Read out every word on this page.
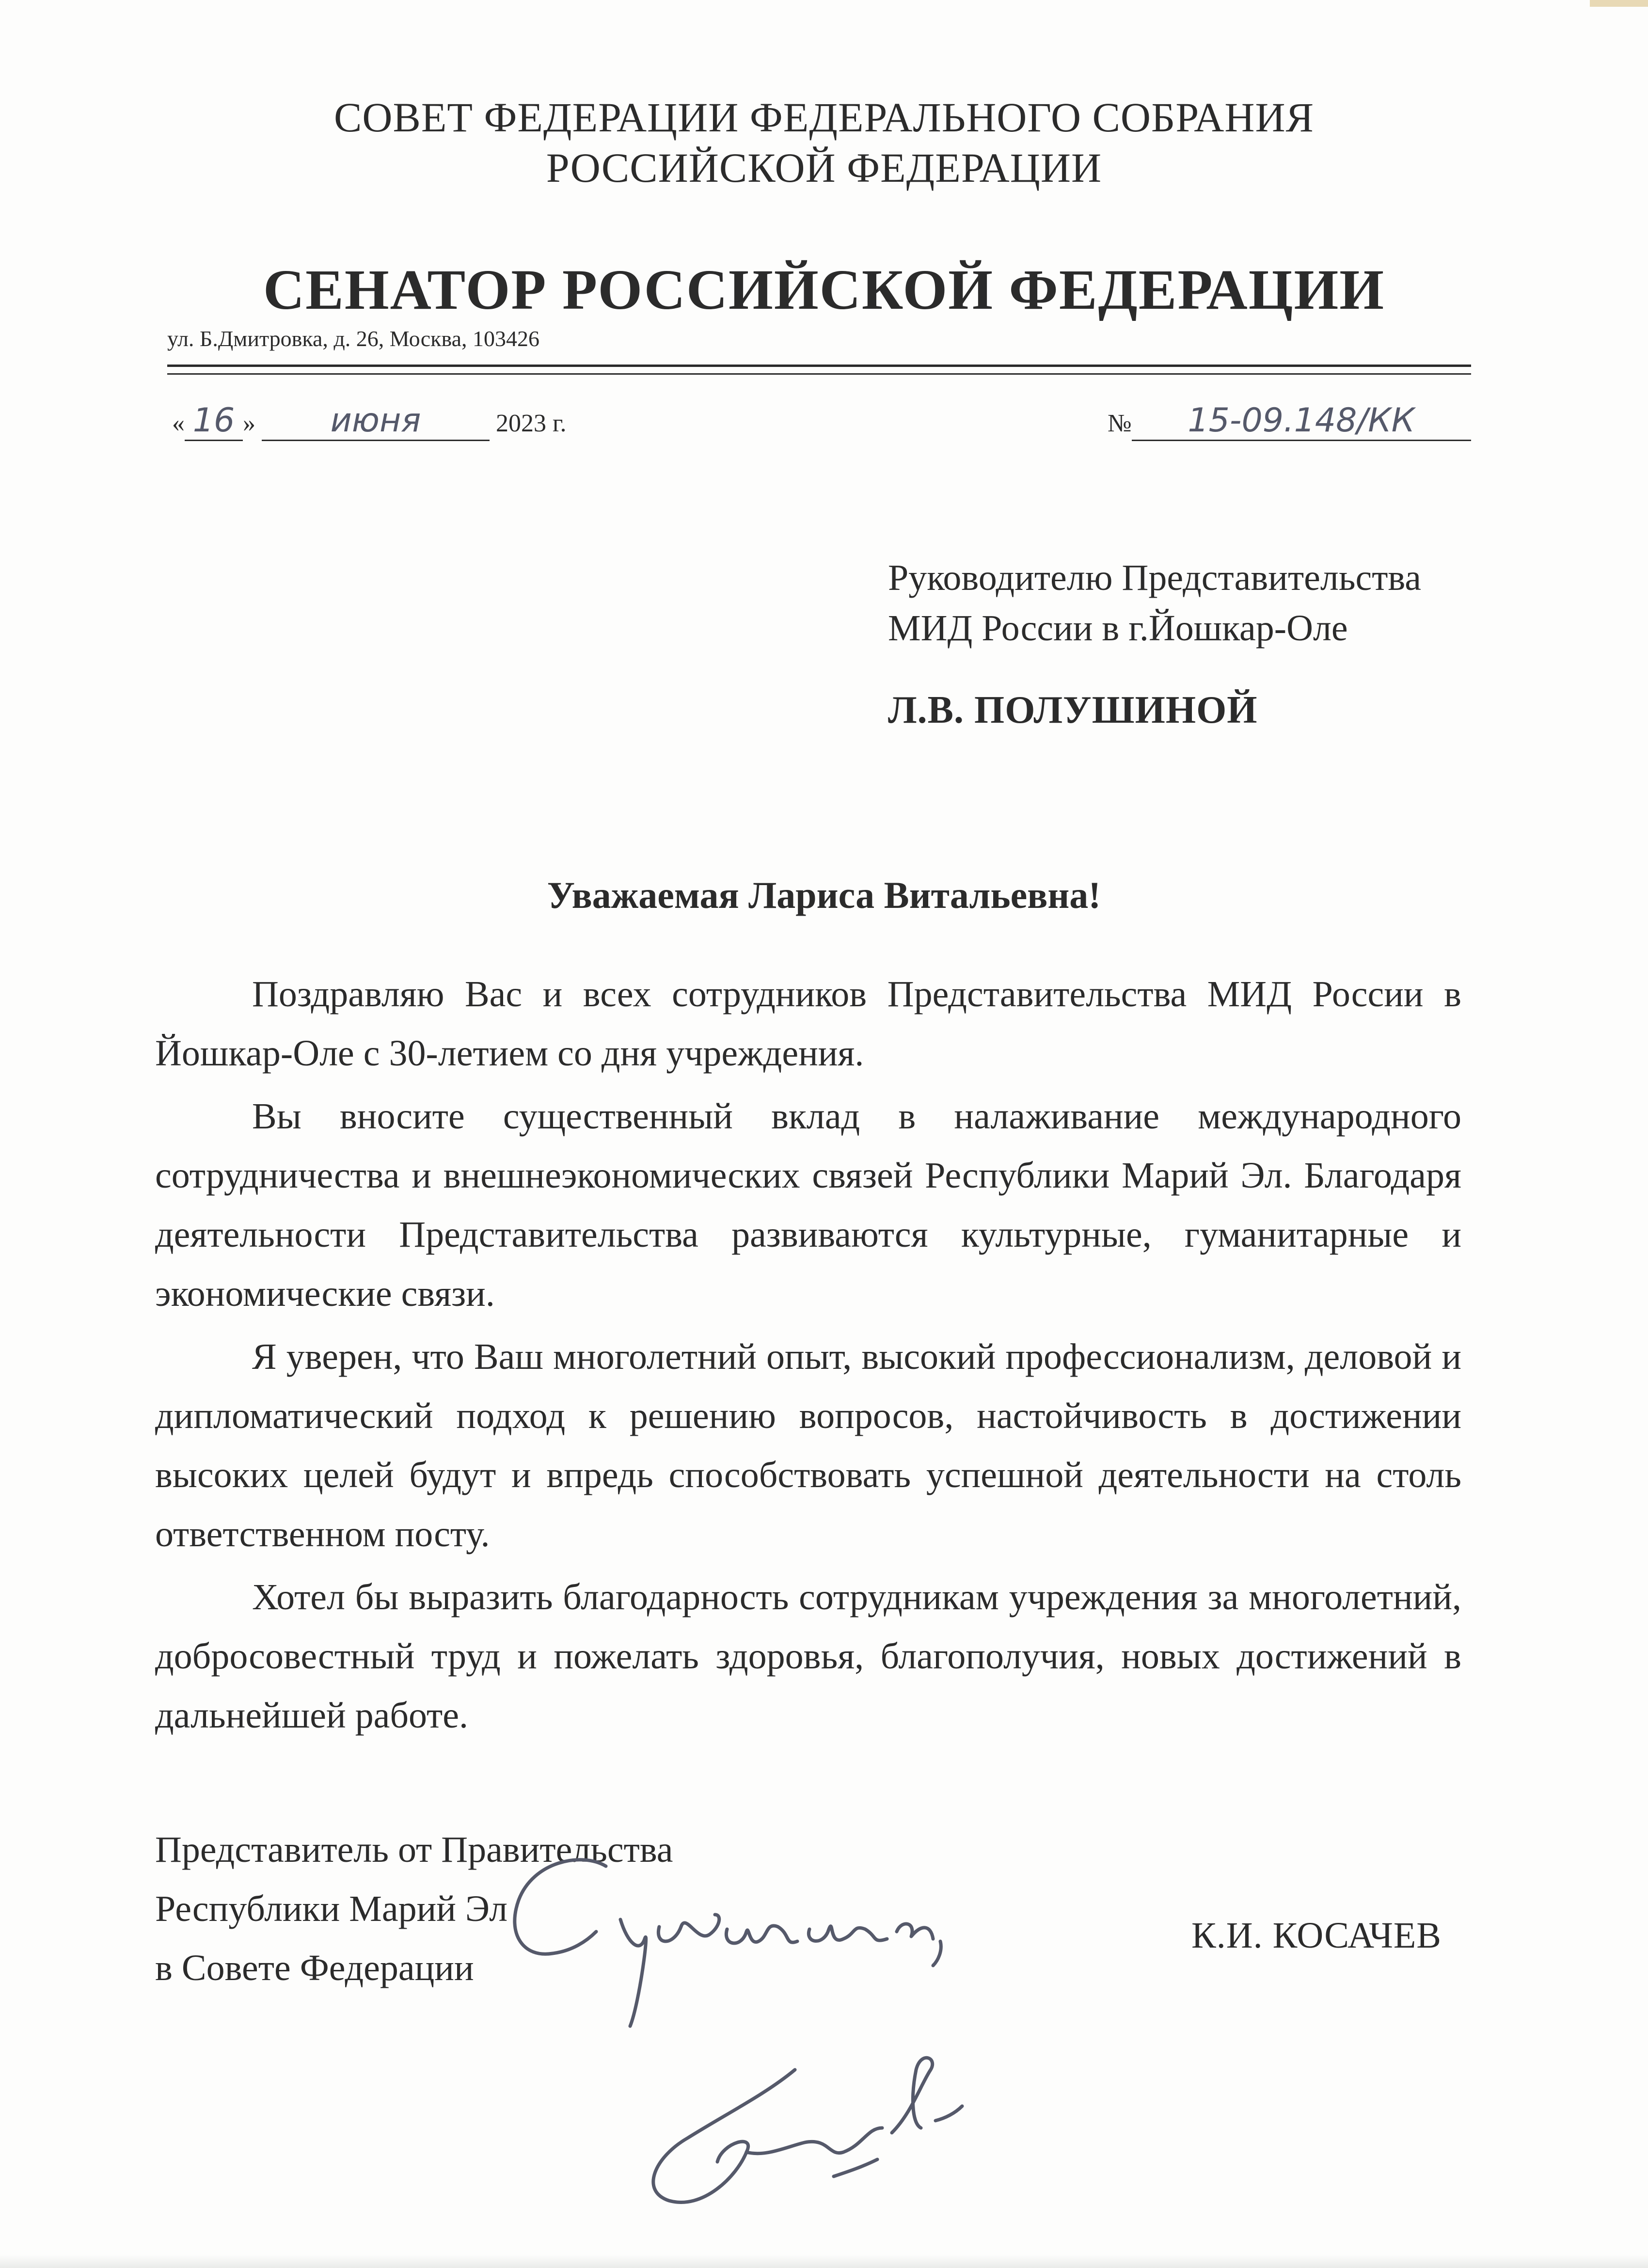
СОВЕТ ФЕДЕРАЦИИ ФЕДЕРАЛЬНОГО СОБРАНИЯ
РОССИЙСКОЙ ФЕДЕРАЦИИ
СЕНАТОР РОССИЙСКОЙ ФЕДЕРАЦИИ
ул. Б.Дмитровка, д. 26, Москва, 103426
« 16 » июня	2023 г.	№ 15-09.148/КК
Руководителю Представительства
МИД России в г.Йошкар-Оле
Л.В. ПОЛУШИНОЙ
Уважаемая Лариса Витальевна!

Поздравляю Вас и всех сотрудников Представительства МИД России в Йошкар-Оле с 30-летием со дня учреждения.

Вы вносите существенный вклад в налаживание международного сотрудничества и внешнеэкономических связей Республики Марий Эл. Благодаря деятельности Представительства развиваются культурные, гуманитарные и экономические связи.

Я уверен, что Ваш многолетний опыт, высокий профессионализм, деловой и дипломатический подход к решению вопросов, настойчивость в достижении высоких целей будут и впредь способствовать успешной деятельности на столь ответственном посту.

Хотел бы выразить благодарность сотрудникам учреждения за многолетний, добросовестный труд и пожелать здоровья, благополучия, новых достижений в дальнейшей работе.

Представитель от Правительства
Республики Марий Эл
в Совете Федерации
К.И. КОСАЧЕВ
